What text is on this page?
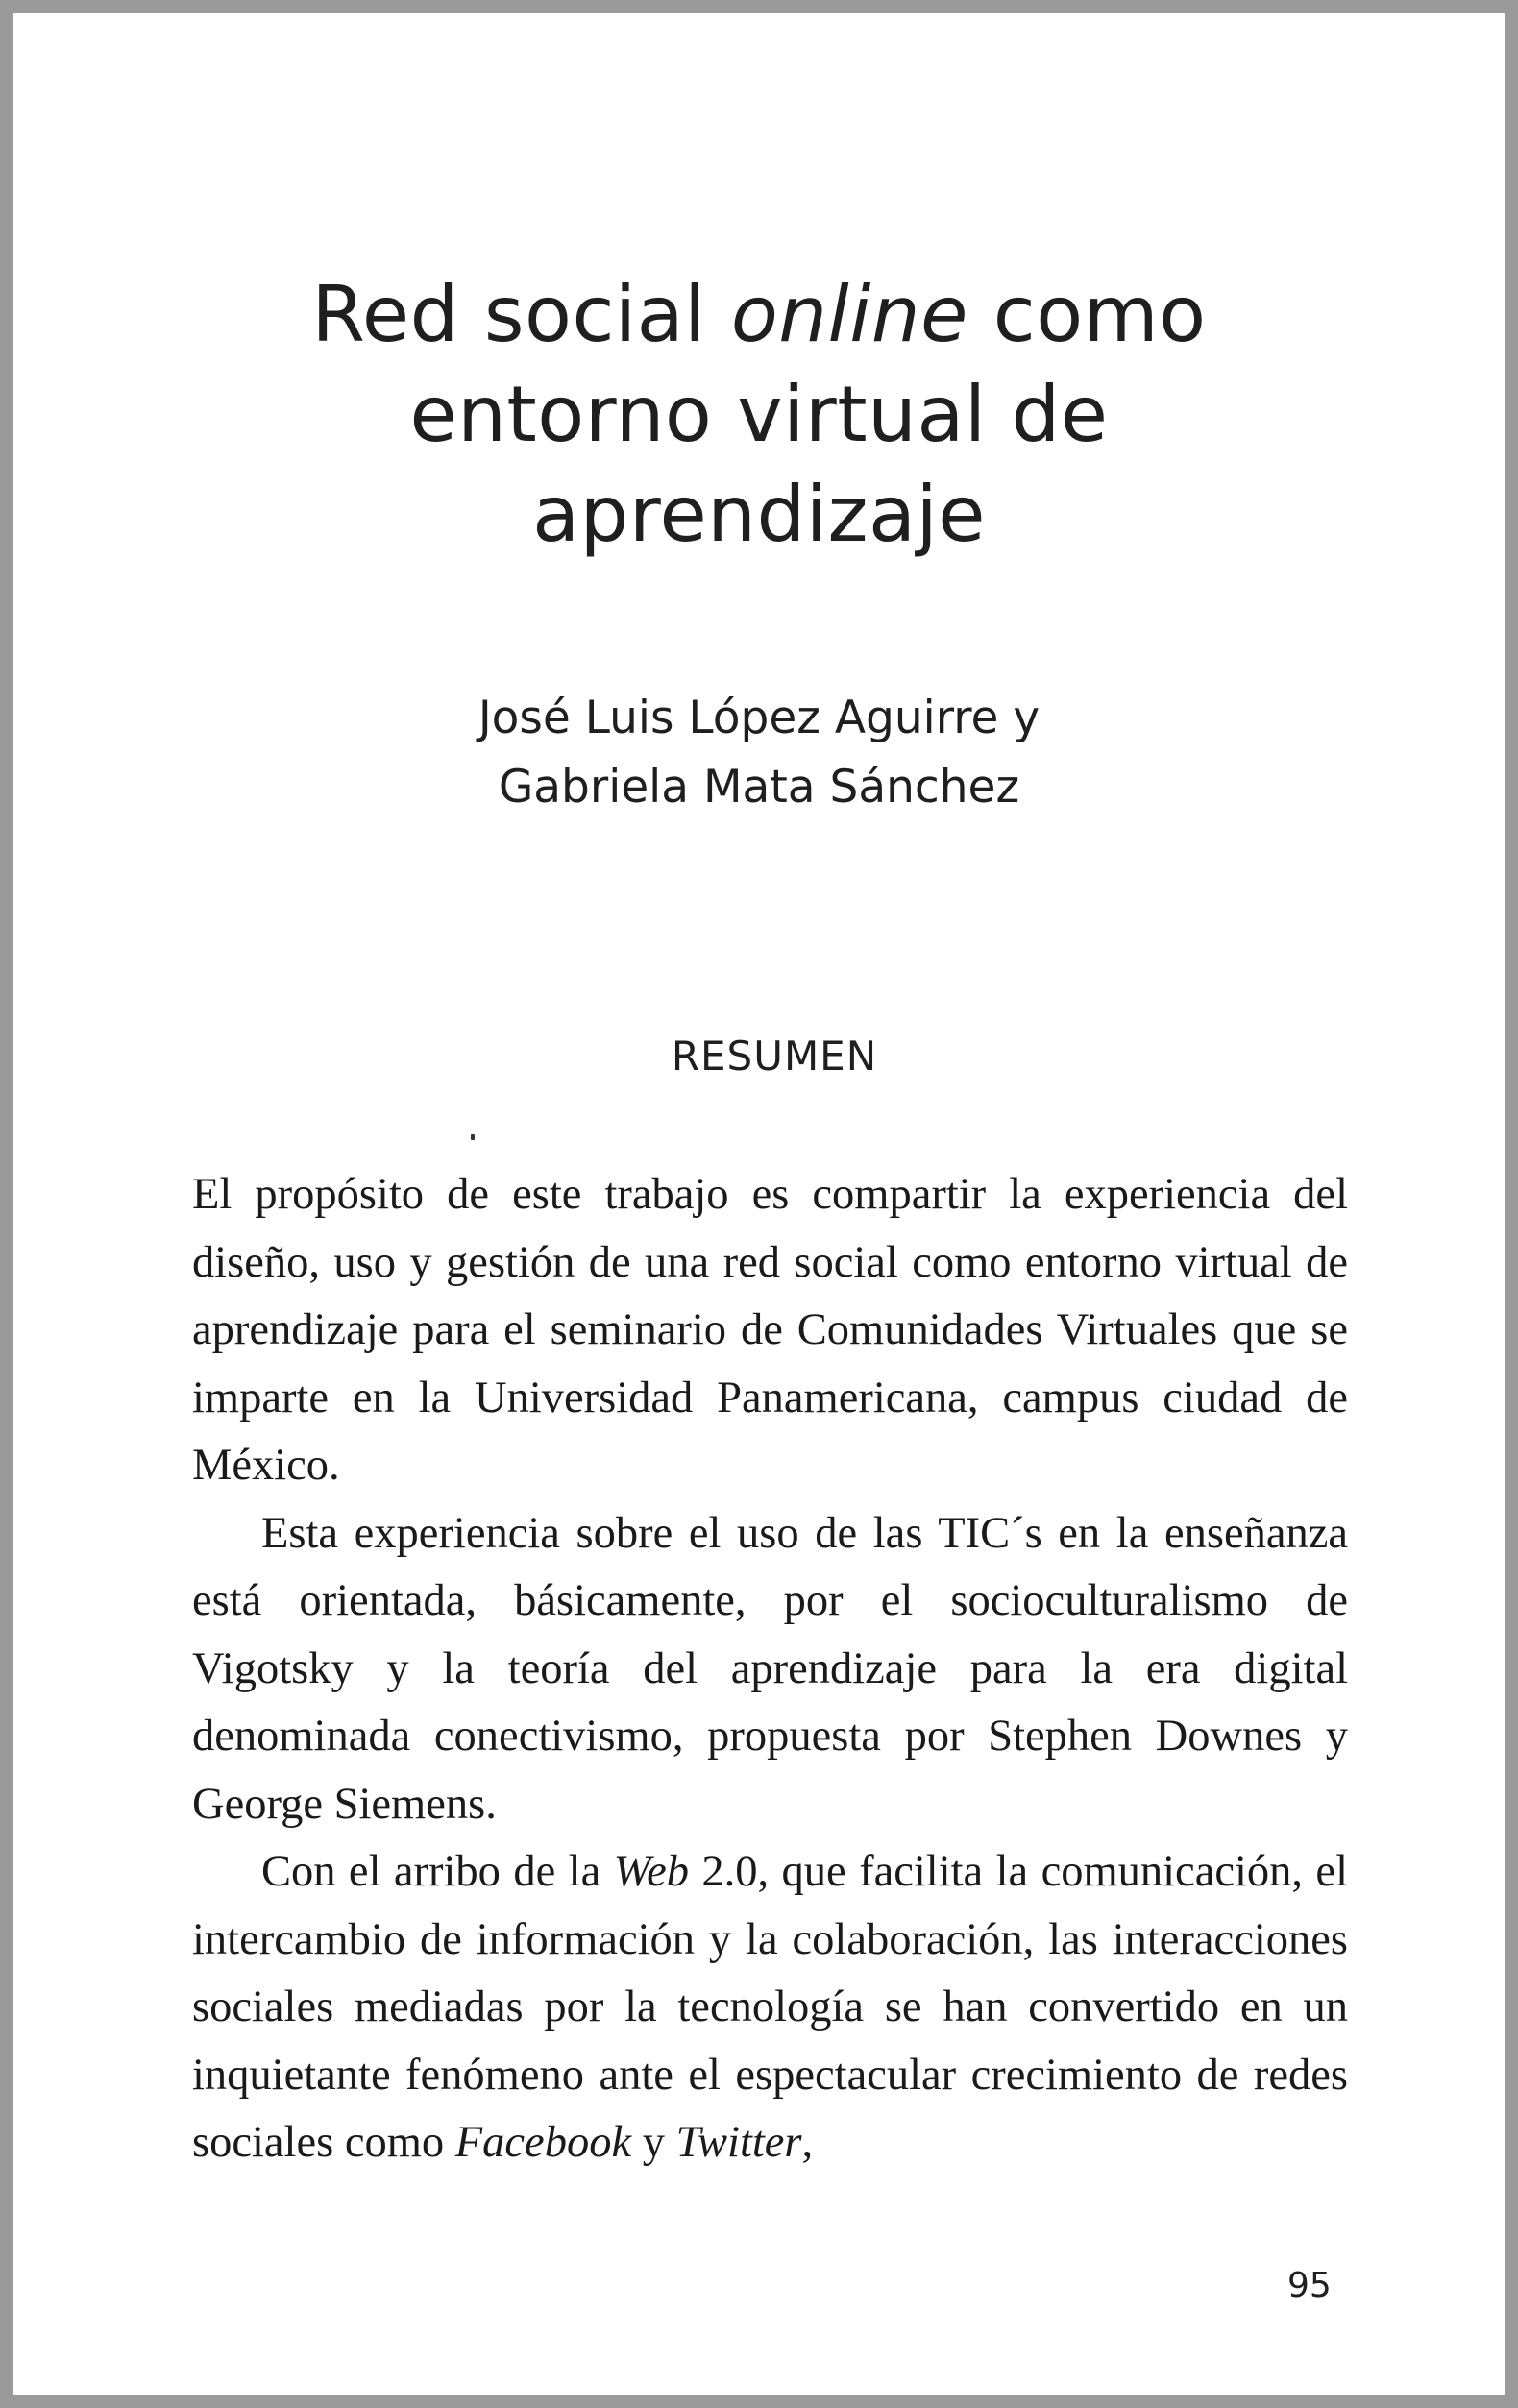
Red social online como
entorno virtual de
aprendizaje
José Luis López Aguirre y
Gabriela Mata Sánchez
RESUMEN

El propósito de este trabajo es compartir la experiencia del diseño, uso y gestión de una red social como entorno virtual de aprendizaje para el seminario de Comunidades Virtuales que se imparte en la Universidad Panamericana, campus ciudad de México.

Esta experiencia sobre el uso de las TIC´s en la enseñanza está orientada, básicamente, por el socioculturalismo de Vigotsky y la teoría del aprendizaje para la era digital denominada conectivismo, propuesta por Stephen Downes y George Siemens.

Con el arribo de la Web 2.0, que facilita la comunicación, el intercambio de información y la colaboración, las interacciones sociales mediadas por la tecnología se han convertido en un inquietante fenómeno ante el espectacular crecimiento de redes sociales como Facebook y Twitter,

95
